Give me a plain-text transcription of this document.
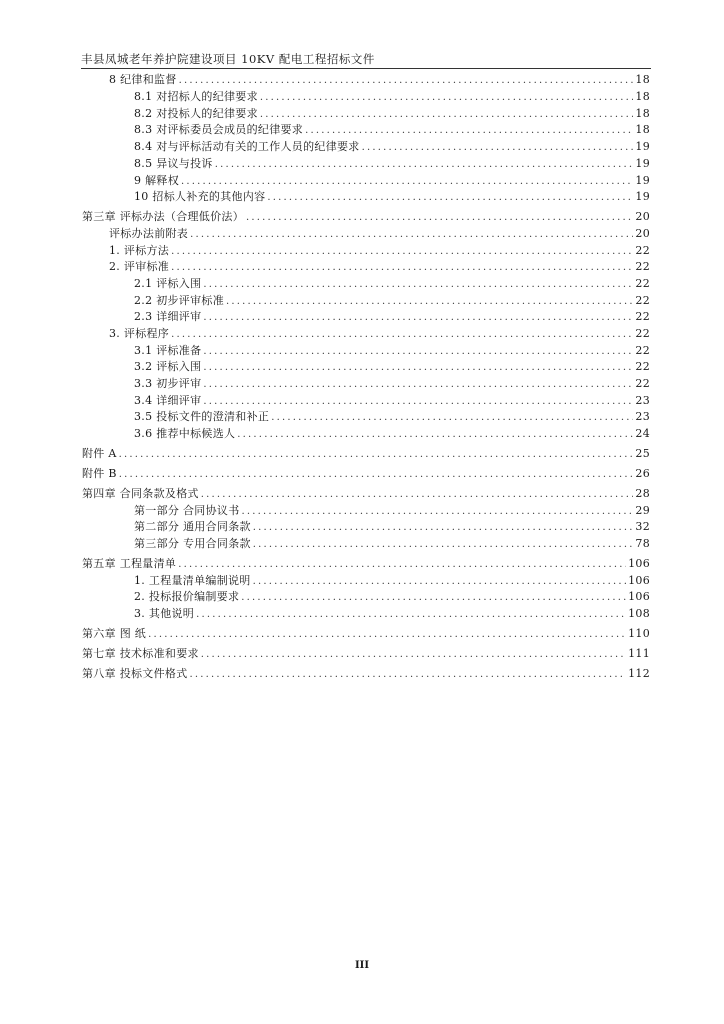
丰县凤城老年养护院建设项目 10KV 配电工程招标文件
8 纪律和监督 .....	18
8.1 对招标人的纪律要求 .....	18
8.2 对投标人的纪律要求 .....	18
8.3 对评标委员会成员的纪律要求 .....	18
8.4 对与评标活动有关的工作人员的纪律要求 .....	19
8.5 异议与投诉 .....	19
9 解释权 .....	19
10 招标人补充的其他内容 .....	19
第三章 评标办法（合理低价法） .....	20
评标办法前附表 .....	20
1. 评标方法 .....	22
2. 评审标准 .....	22
2.1 评标入围 .....	22
2.2 初步评审标准 .....	22
2.3 详细评审 .....	22
3. 评标程序 .....	22
3.1 评标准备 .....	22
3.2 评标入围 .....	22
3.3 初步评审 .....	22
3.4 详细评审 .....	23
3.5 投标文件的澄清和补正 .....	23
3.6 推荐中标候选人 .....	24
附件 A .....	25
附件 B .....	26
第四章 合同条款及格式 .....	28
第一部分 合同协议书 .....	29
第二部分 通用合同条款 .....	32
第三部分 专用合同条款 .....	78
第五章 工程量清单 .....	106
1. 工程量清单编制说明 .....	106
2. 投标报价编制要求 .....	106
3. 其他说明 .....	108
第六章 图 纸 .....	110
第七章 技术标准和要求 .....	111
第八章 投标文件格式 .....	112
III
